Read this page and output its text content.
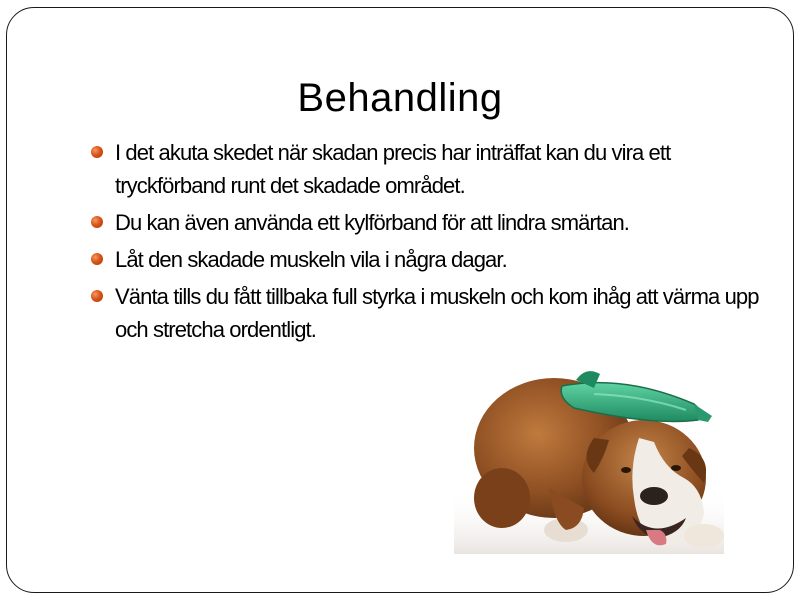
Behandling
I det akuta skedet när skadan precis har inträffat kan du vira ett tryckförband runt det skadade området.
Du kan även använda ett kylförband för att lindra smärtan.
Låt den skadade muskeln vila i några dagar.
Vänta tills du fått tillbaka full styrka i muskeln och kom ihåg att värma upp och stretcha ordentligt.
